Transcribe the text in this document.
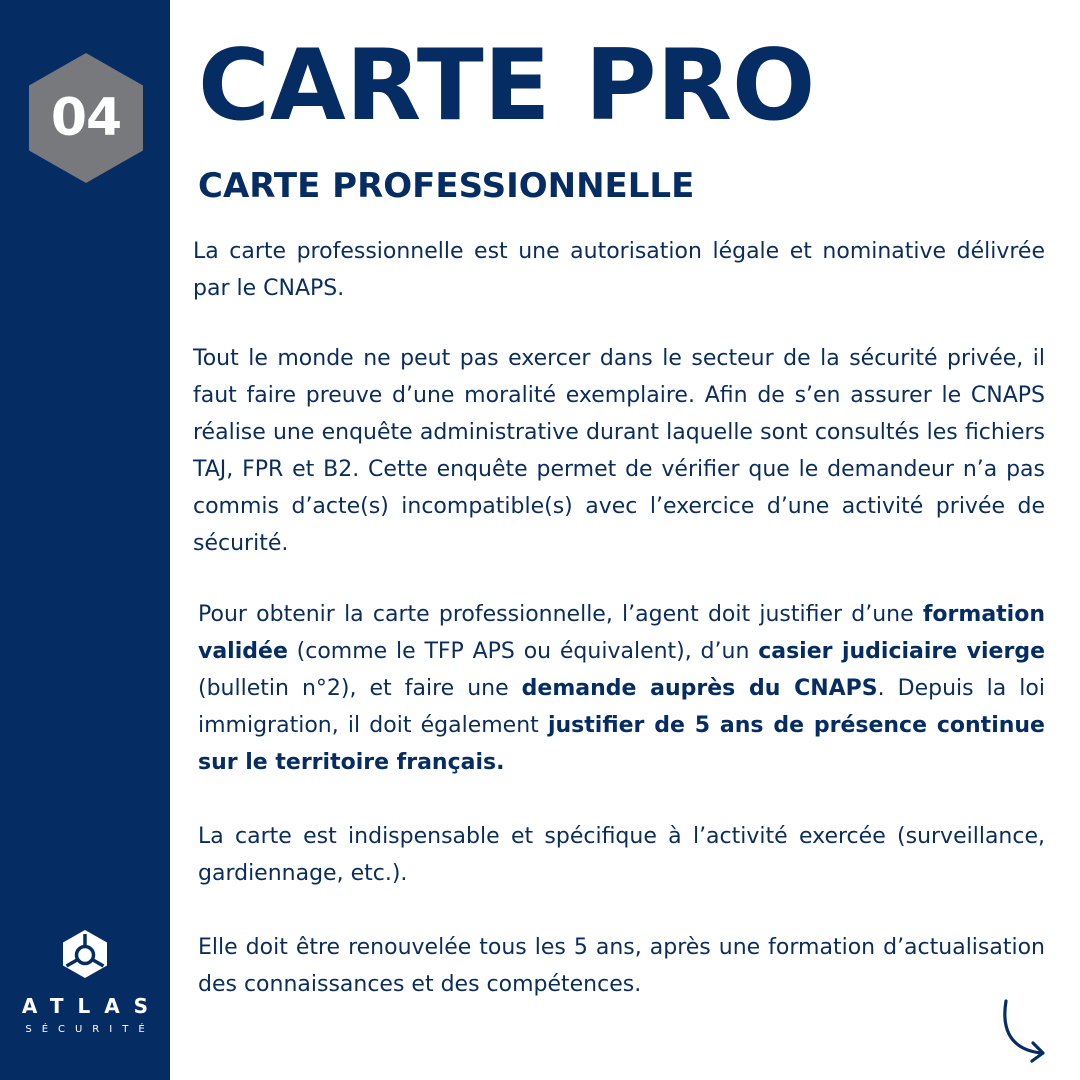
04
ATLAS
SÉCURITÉ
CARTE PRO
CARTE PROFESSIONNELLE

La carte professionnelle est une autorisation légale et nominative délivrée par le CNAPS.

Tout le monde ne peut pas exercer dans le secteur de la sécurité privée, il faut faire preuve d’une moralité exemplaire. Afin de s’en assurer le CNAPS réalise une enquête administrative durant laquelle sont consultés les fichiers TAJ, FPR et B2. Cette enquête permet de vérifier que le demandeur n’a pas commis d’acte(s) incompatible(s) avec l’exercice d’une activité privée de sécurité.

Pour obtenir la carte professionnelle, l’agent doit justifier d’une formation validée (comme le TFP APS ou équivalent), d’un casier judiciaire vierge (bulletin n°2), et faire une demande auprès du CNAPS. Depuis la loi immigration, il doit également justifier de 5 ans de présence continue sur le territoire français.

La carte est indispensable et spécifique à l’activité exercée (surveillance, gardiennage, etc.).

Elle doit être renouvelée tous les 5 ans, après une formation d’actualisation des connaissances et des compétences.
